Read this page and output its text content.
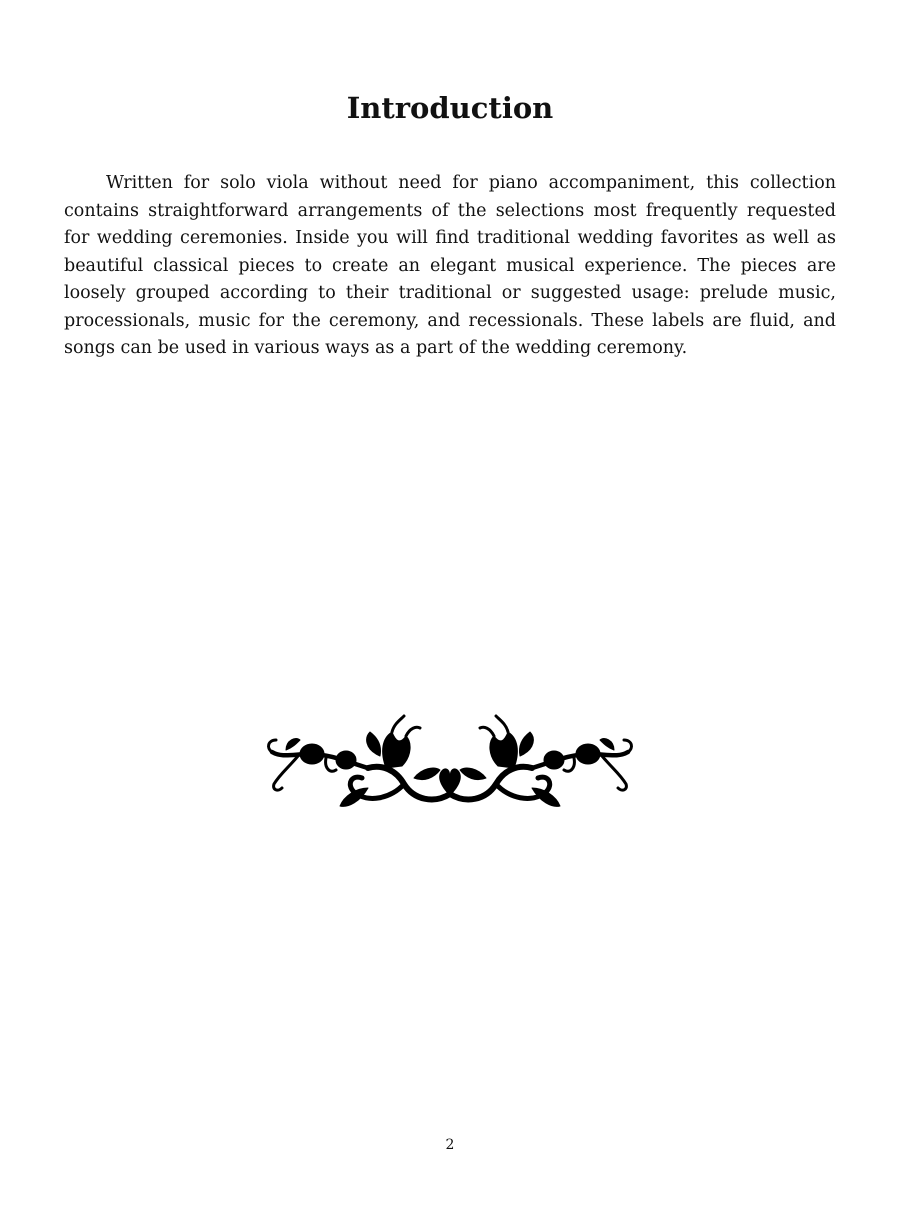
Introduction

Written for solo viola without need for piano accompaniment, this collection contains straightforward arrangements of the selections most frequently requested for wedding ceremonies. Inside you will find traditional wedding favorites as well as beautiful classical pieces to create an elegant musical experience. The pieces are loosely grouped according to their traditional or suggested usage: prelude music, processionals, music for the ceremony, and recessionals. These labels are fluid, and songs can be used in various ways as a part of the wedding ceremony.

2
